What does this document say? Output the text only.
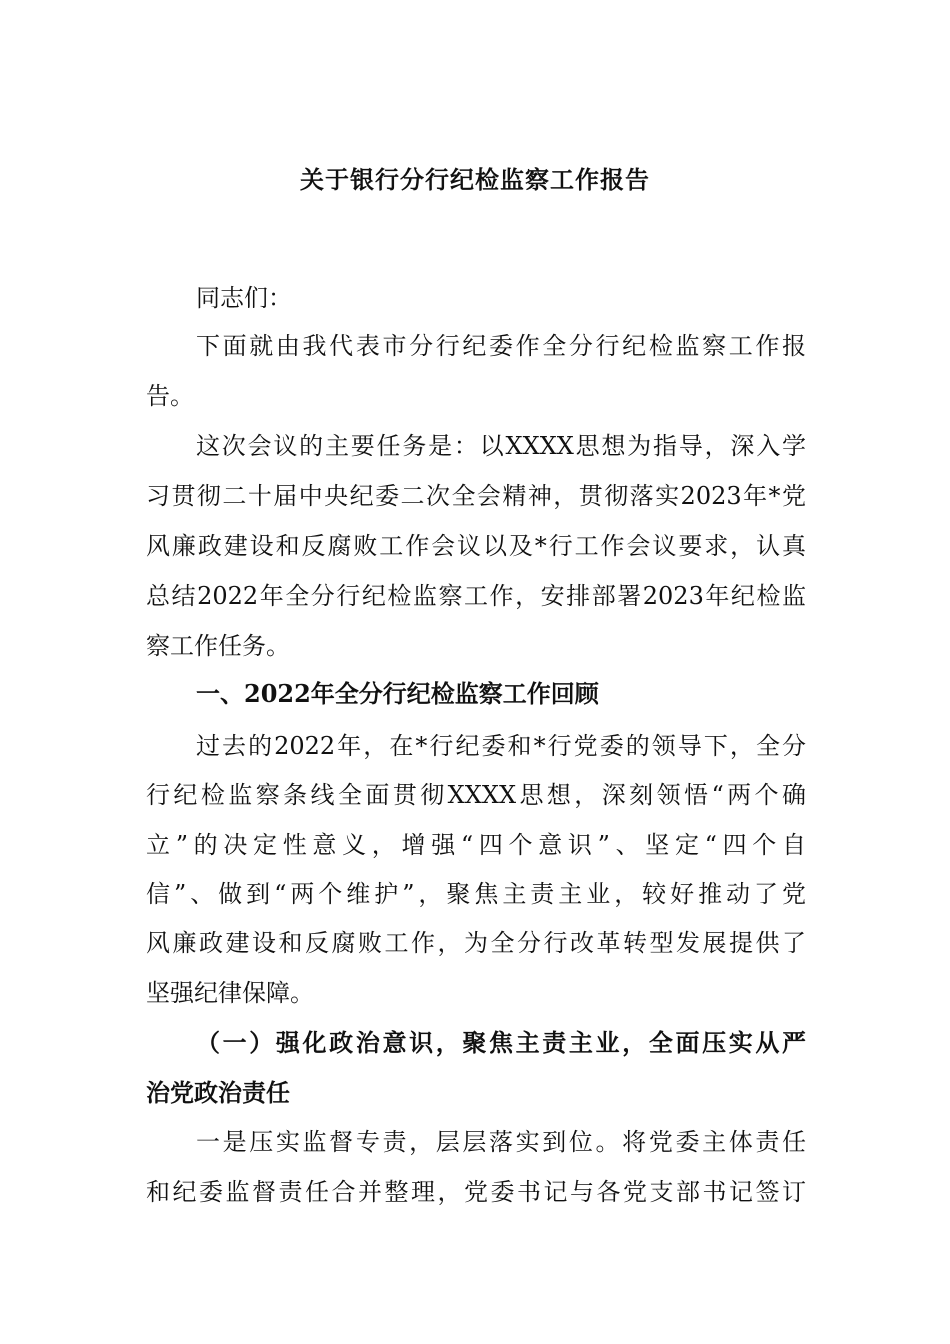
关于银行分行纪检监察工作报告
同志们：
下面就由我代表市分行纪委作全分行纪检监察工作报
告。
这次会议的主要任务是：以XXXX思想为指导，深入学
习贯彻二十届中央纪委二次全会精神，贯彻落实2023年*党
风廉政建设和反腐败工作会议以及*行工作会议要求，认真
总结2022年全分行纪检监察工作，安排部署2023年纪检监
察工作任务。
一、2022年全分行纪检监察工作回顾
过去的2022年，在*行纪委和*行党委的领导下，全分
行纪检监察条线全面贯彻XXXX思想，深刻领悟“两个确
立”的决定性意义，增强“四个意识”、坚定“四个自
信”、做到“两个维护”，聚焦主责主业，较好推动了党
风廉政建设和反腐败工作，为全分行改革转型发展提供了
坚强纪律保障。
（一）强化政治意识，聚焦主责主业，全面压实从严
治党政治责任
一是压实监督专责，层层落实到位。将党委主体责任
和纪委监督责任合并整理，党委书记与各党支部书记签订
